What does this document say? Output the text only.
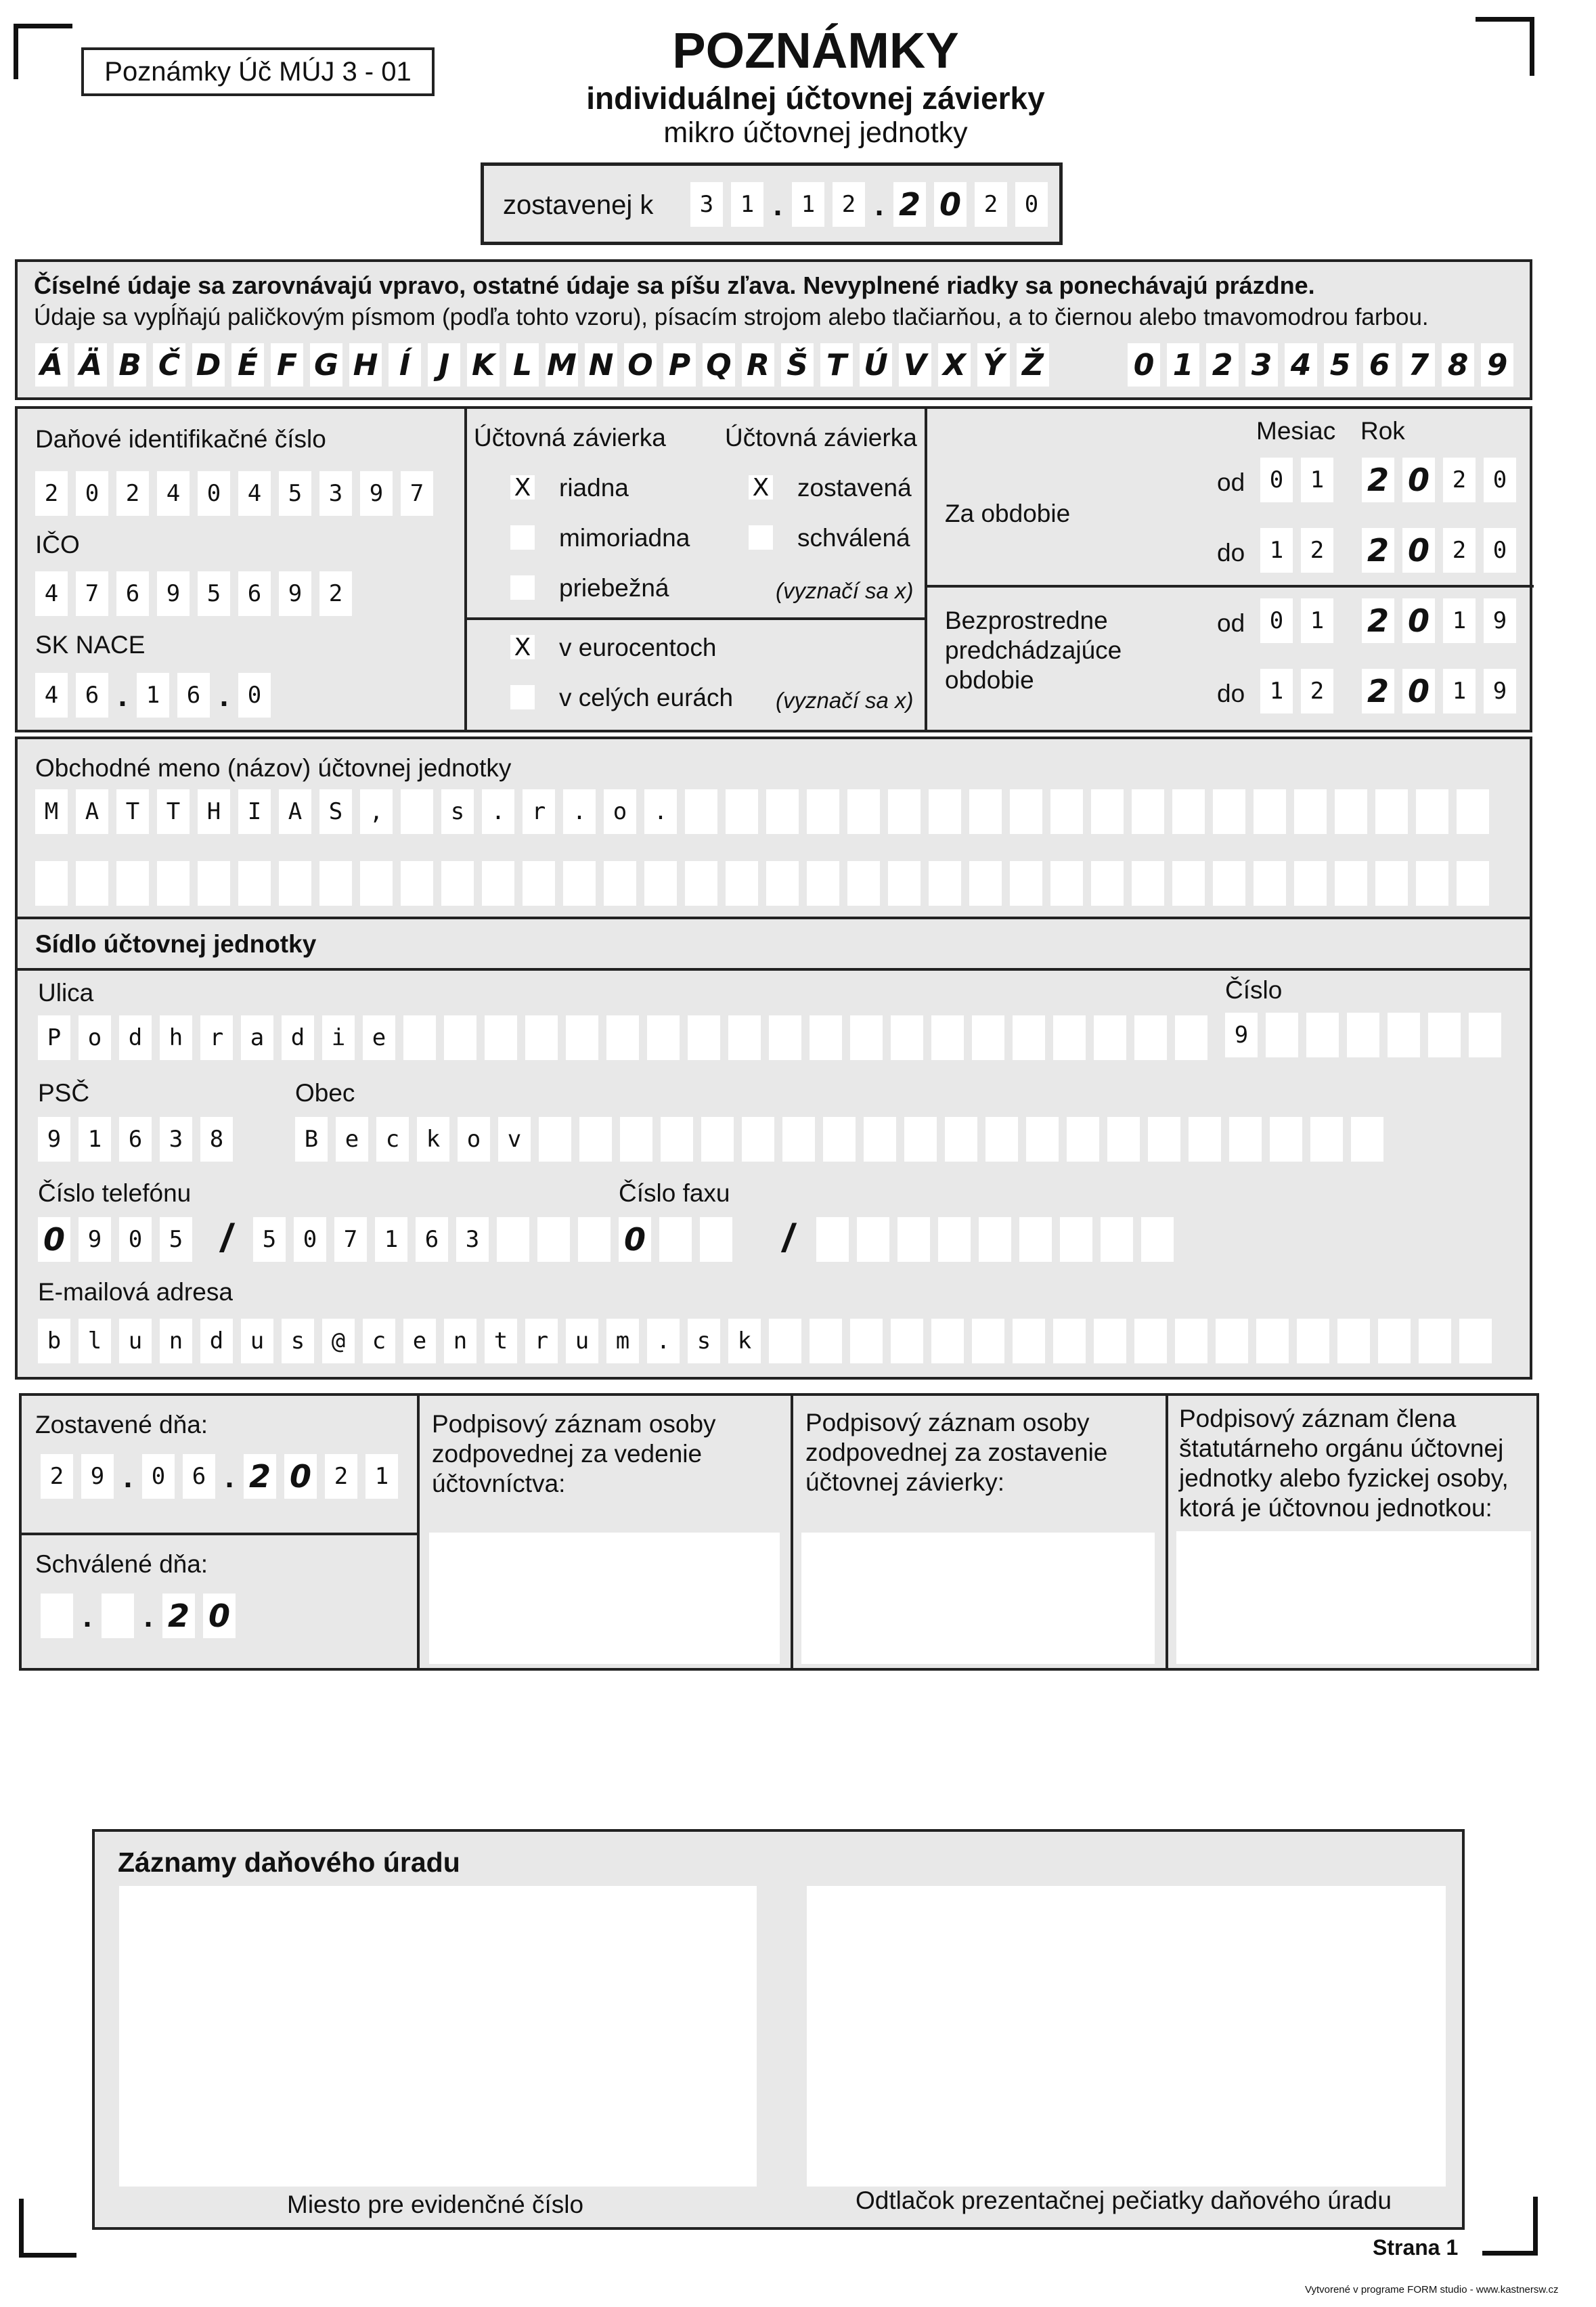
Poznámky Úč MÚJ 3 - 01	POZNÁMKY
individuálnej účtovnej závierky
mikro účtovnej jednotky
zostavenej k	3	1 . 1	2 . 2 0 2	0
Číselné údaje sa zarovnávajú vpravo, ostatné údaje sa píšu zľava. Nevyplnené riadky sa ponechávajú prázdne.
Údaje sa vypĺňajú paličkovým písmom (podľa tohto vzoru), písacím strojom alebo tlačiarňou, a to čiernou alebo tmavomodrou farbou.
Á Ä B Č D É F G H Í J K L M N O P Q R Š T Ú V X Ý Ž	0 1 2 3 4 5 6 7 8 9
Daňové identifikačné číslo
2	0	2	4	0	4	5	3	9	7
IČO
4	7	6	9	5	6	9	2
SK NACE
4	6 . 1	6 . 0
Účtovná závierka Účtovná závierka
X riadna
mimoriadna
priebežná
X zostavená
schválená
(vyznačí sa x)
X v eurocentoch
v celých eurách (vyznačí sa x)
Mesiac Rok
Za obdobie
od	0	1 2 0 2	0
do	1	2 2 0 2	0
Bezprostredne
predchádzajúce
obdobie
od	0	1 2 0 1	9
do	1	2 2 0 1	9
Obchodné meno (názov) účtovnej jednotky
M	A	T	T	H	I	A	S	,	s	.	r	.	o	.
Sídlo účtovnej jednotky
Ulica
P	o	d	h	r	a	d	i	e
Číslo
9
PSČ
9	1	6	3	8
Obec
B	e	c	k	o	v
Číslo telefónu
0 9	0	5 /	5	0	7	1	6	3
Číslo faxu
0	/
E-mailová adresa
b	l	u	n	d	u	s	@	c	e	n	t	r	u	m	.	s	k
Zostavené dňa:
2	9 . 0	6 . 2 0 2	1
Schválené dňa:
. . 2 0
Podpisový záznam osoby zodpovednej za vedenie účtovníctva:
Podpisový záznam osoby zodpovednej za zostavenie účtovnej závierky:
Podpisový záznam člena štatutárneho orgánu účtovnej jednotky alebo fyzickej osoby, ktorá je účtovnou jednotkou:
Záznamy daňového úradu
Miesto pre evidenčné číslo	Odtlačok prezentačnej pečiatky daňového úradu
Strana 1
Vytvorené v programe FORM studio - www.kastnersw.cz
